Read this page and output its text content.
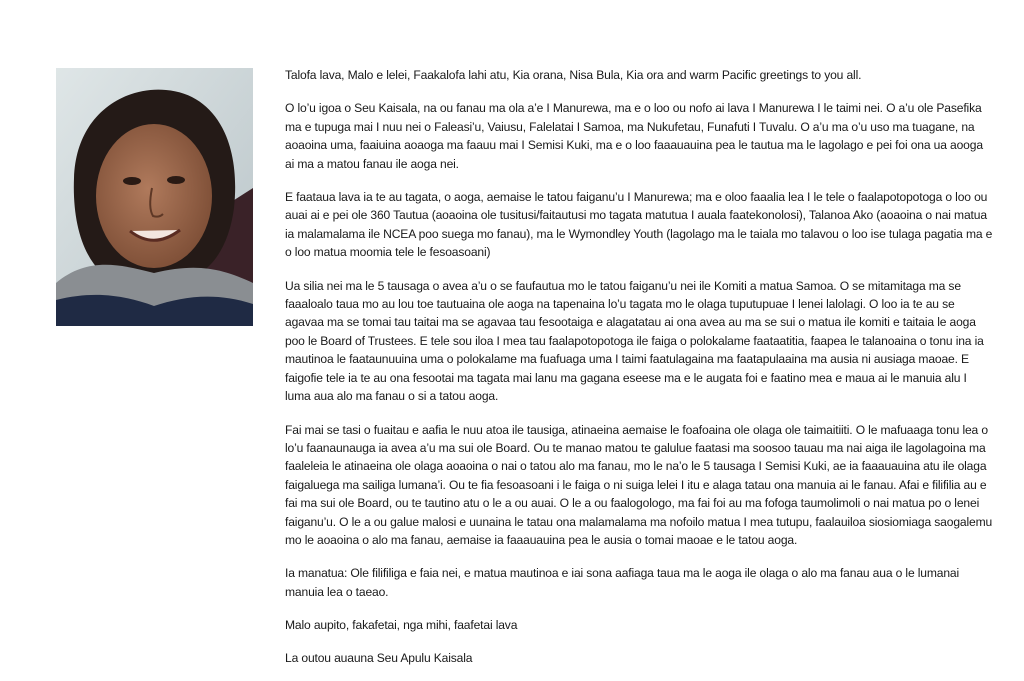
Talofa lava, Malo e lelei, Faakalofa lahi atu, Kia orana, Nisa Bula, Kia ora and warm Pacific greetings to you all.

O lo’u igoa o Seu Kaisala, na ou fanau ma ola a’e I Manurewa, ma e o loo ou nofo ai lava I Manurewa I le taimi nei. O a’u ole Pasefika ma e tupuga mai I nuu nei o Faleasi’u, Vaiusu, Falelatai I Samoa, ma Nukufetau, Funafuti I Tuvalu. O a’u ma o’u uso ma tuagane, na aoaoina uma, faaiuina aoaoga ma faauu mai I Semisi Kuki, ma e o loo faaauauina pea le tautua ma le lagolago e pei foi ona ua aooga ai ma a matou fanau ile aoga nei.

E faataua lava ia te au tagata, o aoga, aemaise le tatou faiganu’u I Manurewa; ma e oloo faaalia lea I le tele o faalapotopotoga o loo ou auai ai e pei ole 360 Tautua (aoaoina ole tusitusi/faitautusi mo tagata matutua I auala faatekonolosi), Talanoa Ako (aoaoina o nai matua ia malamalama ile NCEA poo suega mo fanau), ma le Wymondley Youth (lagolago ma le taiala mo talavou o loo ise tulaga pagatia ma e o loo matua moomia tele le fesoasoani)

Ua silia nei ma le 5 tausaga o avea a’u o se faufautua mo le tatou faiganu’u nei ile Komiti a matua Samoa. O se mitamitaga ma se faaaloalo taua mo au lou toe tautuaina ole aoga na tapenaina lo’u tagata mo le olaga tuputupuae I lenei lalolagi. O loo ia te au se agavaa ma se tomai tau taitai ma se agavaa tau fesootaiga e alagatatau ai ona avea au ma se sui o matua ile komiti e taitaia le aoga poo le Board of Trustees. E tele sou iloa I mea tau faalapotopotoga ile faiga o polokalame faataatitia, faapea le talanoaina o tonu ina ia mautinoa le faataunuuina uma o polokalame ma fuafuaga uma I taimi faatulagaina ma faatapulaaina ma ausia ni ausiaga maoae. E faigofie tele ia te au ona fesootai ma tagata mai lanu ma gagana eseese ma e le augata foi e faatino mea e maua ai le manuia alu I luma aua alo ma fanau o si a tatou aoga.

Fai mai se tasi o fuaitau e aafia le nuu atoa ile tausiga, atinaeina aemaise le foafoaina ole olaga ole taimaitiiti. O le mafuaaga tonu lea o lo’u faanaunauga ia avea a’u ma sui ole Board. Ou te manao matou te galulue faatasi ma soosoo tauau ma nai aiga ile lagolagoina ma faaleleia le atinaeina ole olaga aoaoina o nai o tatou alo ma fanau, mo le na’o le 5 tausaga I Semisi Kuki, ae ia faaauauina atu ile olaga faigaluega ma sailiga lumana’i. Ou te fia fesoasoani i le faiga o ni suiga lelei I itu e alaga tatau ona manuia ai le fanau. Afai e filifilia au e fai ma sui ole Board, ou te tautino atu o le a ou auai. O le a ou faalogologo, ma fai foi au ma fofoga taumolimoli o nai matua po o lenei faiganu’u. O le a ou galue malosi e uunaina le tatau ona malamalama ma nofoilo matua I mea tutupu, faalauiloa siosiomiaga saogalemu mo le aoaoina o alo ma fanau, aemaise ia faaauauina pea le ausia o tomai maoae e le tatou aoga.

Ia manatua: Ole filifiliga e faia nei, e matua mautinoa e iai sona aafiaga taua ma le aoga ile olaga o alo ma fanau aua o le lumanai manuia lea o taeao.

Malo aupito, fakafetai, nga mihi, faafetai lava

La outou auauna Seu Apulu Kaisala
